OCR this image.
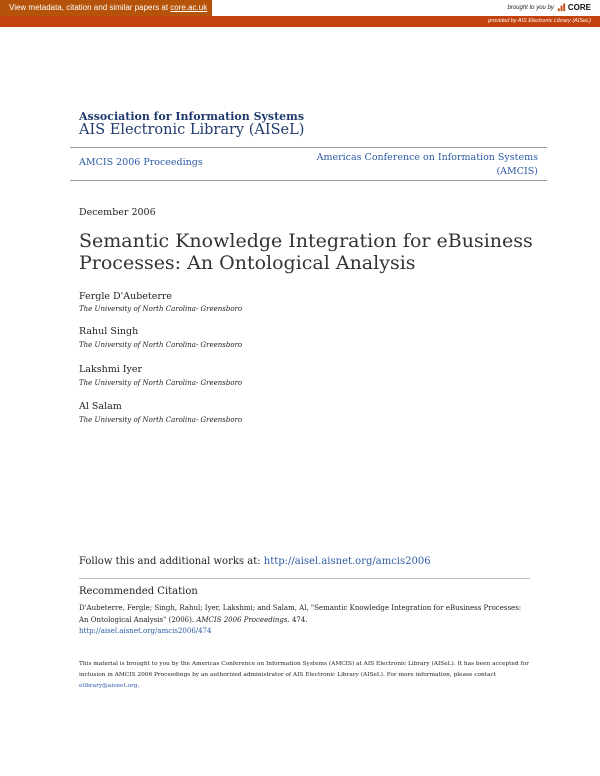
View metadata, citation and similar papers at core.ac.uk	brought to you by CORE
provided by AIS Electronic Library (AISeL)
Association for Information Systems
AIS Electronic Library (AISeL)
AMCIS 2006 Proceedings	Americas Conference on Information Systems
(AMCIS)
December 2006
Semantic Knowledge Integration for eBusiness Processes: An Ontological Analysis
Fergle D'Aubeterre
The University of North Carolina- Greensboro
Rahul Singh
The University of North Carolina- Greensboro
Lakshmi Iyer
The University of North Carolina- Greensboro
Al Salam
The University of North Carolina- Greensboro
Follow this and additional works at: http://aisel.aisnet.org/amcis2006
Recommended Citation
D'Aubeterre, Fergle; Singh, Rahul; Iyer, Lakshmi; and Salam, Al, "Semantic Knowledge Integration for eBusiness Processes: An Ontological Analysis" (2006). AMCIS 2006 Proceedings. 474.
http://aisel.aisnet.org/amcis2006/474
This material is brought to you by the Americas Conference on Information Systems (AMCIS) at AIS Electronic Library (AISeL). It has been accepted for inclusion in AMCIS 2006 Proceedings by an authorized administrator of AIS Electronic Library (AISeL). For more information, please contact elibrary@aisnet.org.
